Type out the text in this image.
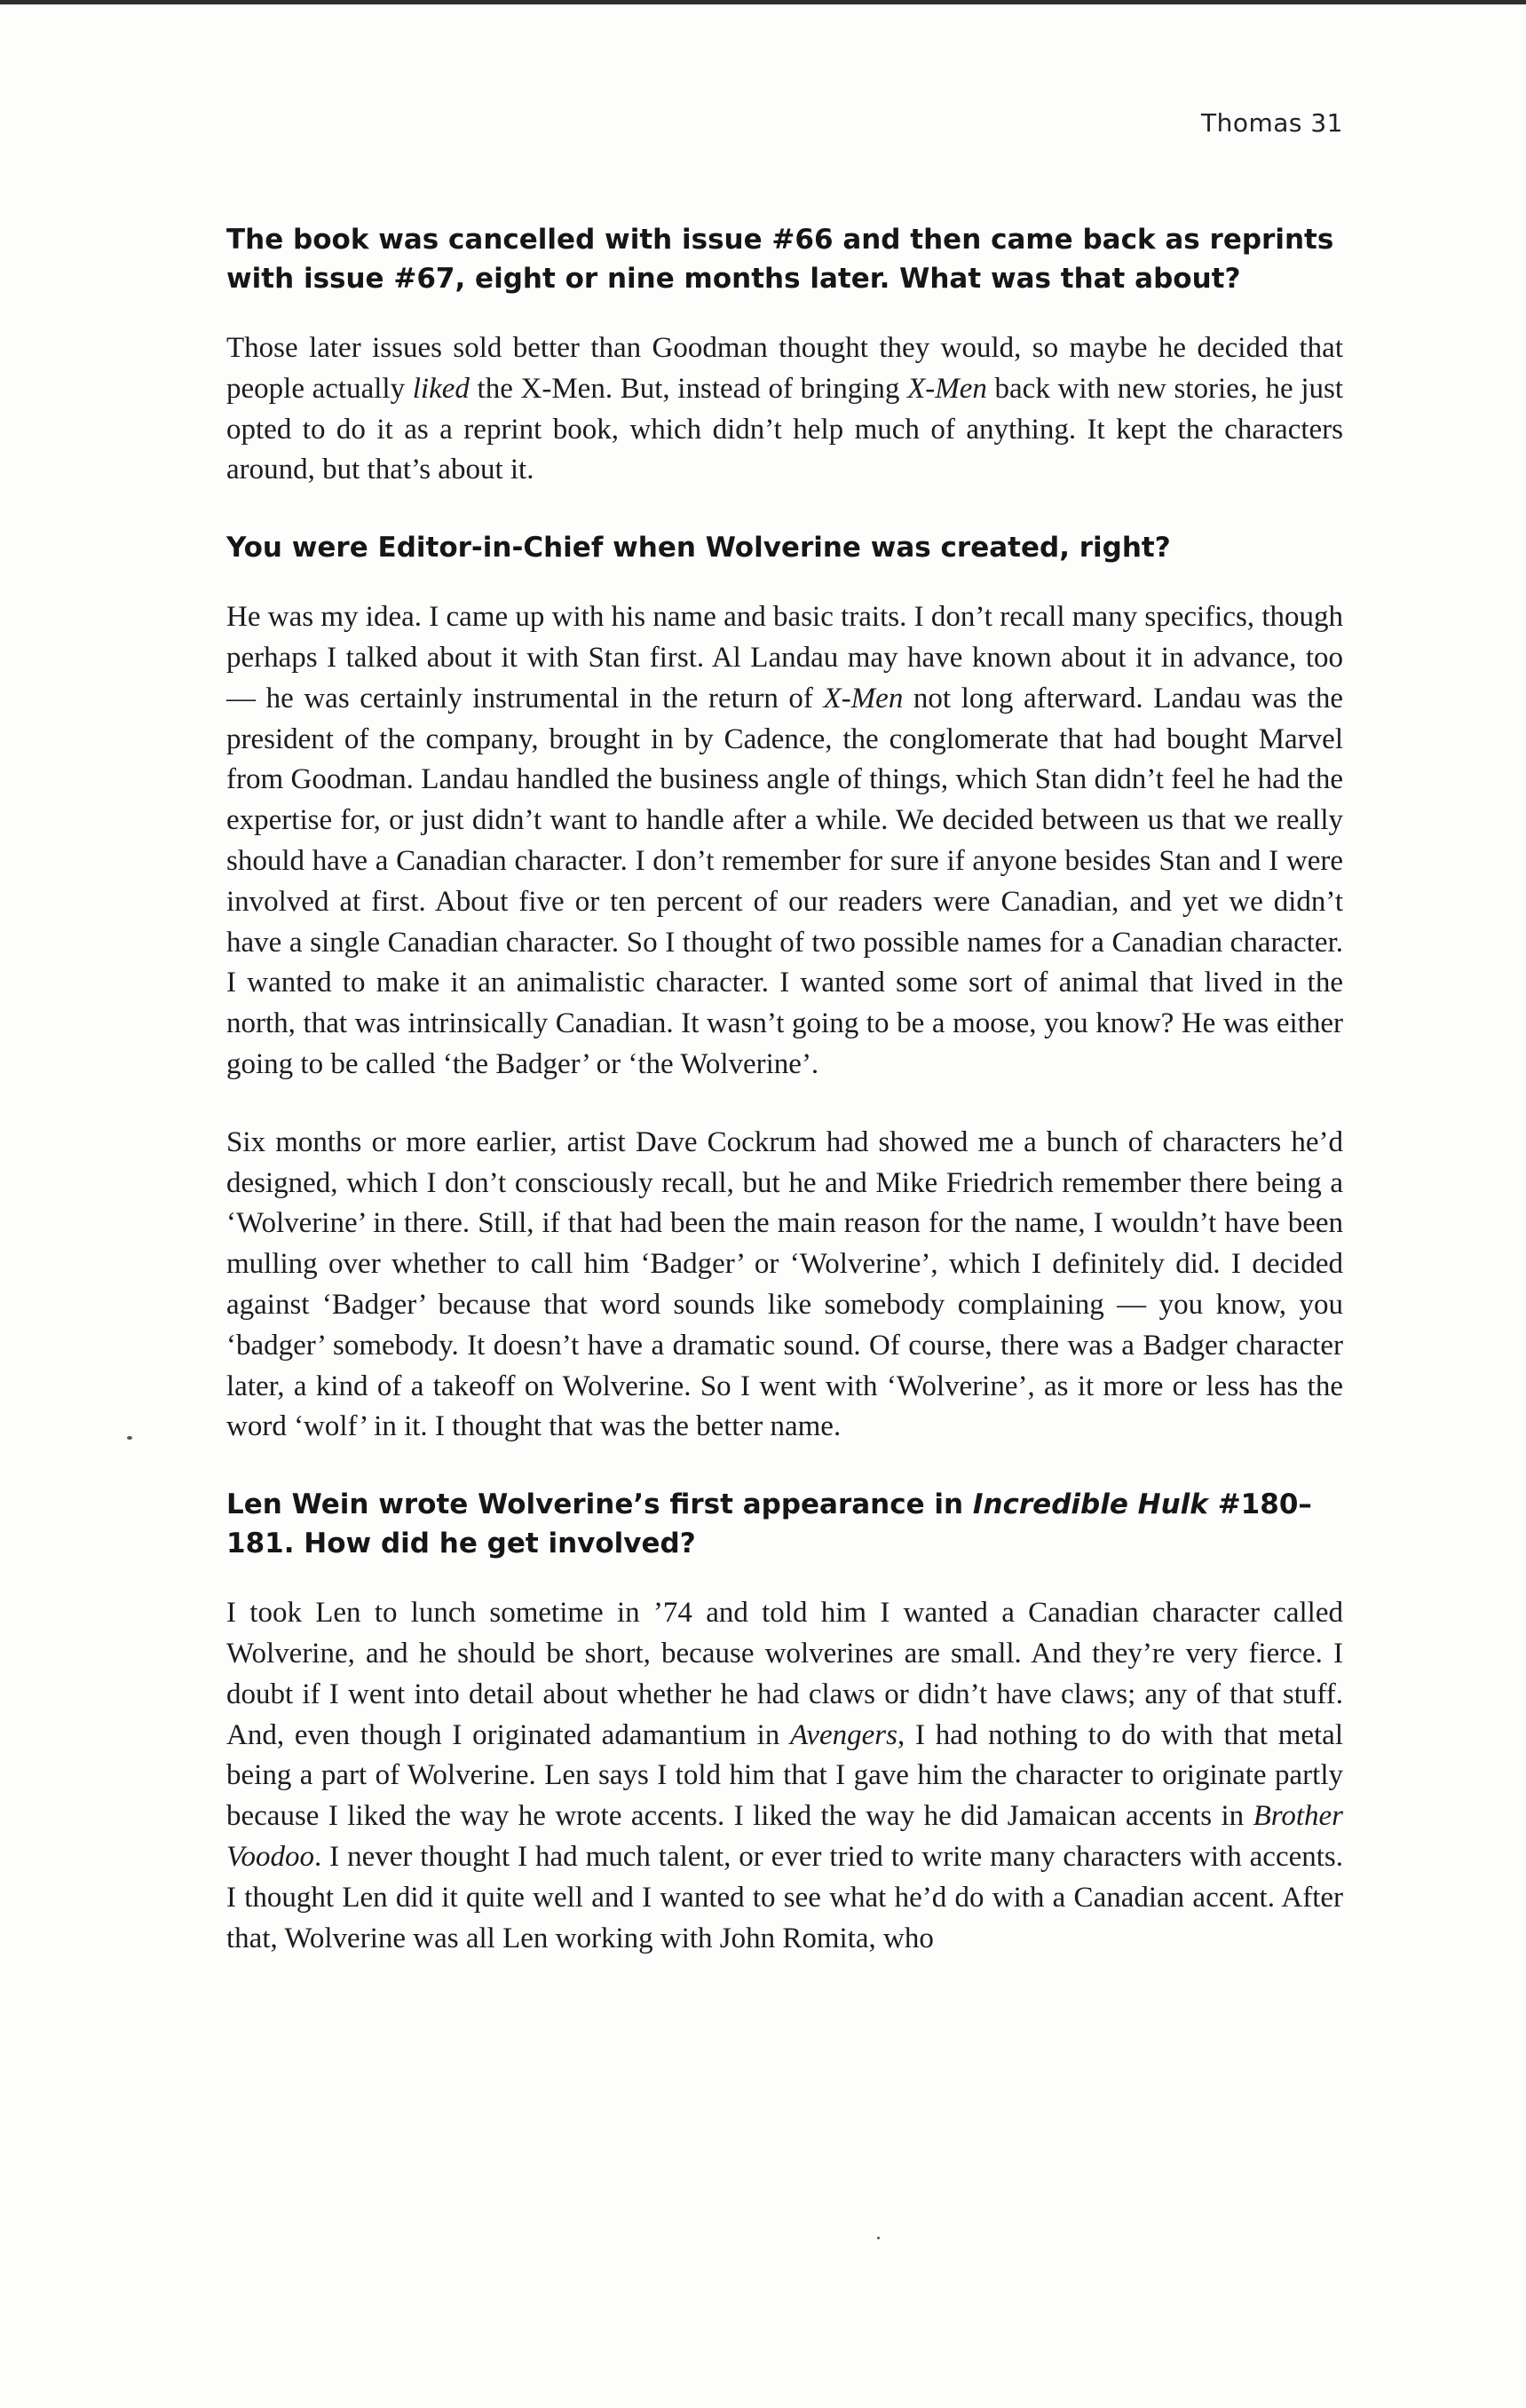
Thomas 31

The book was cancelled with issue #66 and then came back as reprints with issue #67, eight or nine months later. What was that about?

Those later issues sold better than Goodman thought they would, so maybe he decided that people actually liked the X-Men. But, instead of bringing X-Men back with new stories, he just opted to do it as a reprint book, which didn’t help much of anything. It kept the characters around, but that’s about it.

You were Editor-in-Chief when Wolverine was created, right?

He was my idea. I came up with his name and basic traits. I don’t recall many specifics, though perhaps I talked about it with Stan first. Al Landau may have known about it in advance, too — he was certainly instrumental in the return of X-Men not long afterward. Landau was the president of the company, brought in by Cadence, the conglomerate that had bought Marvel from Goodman. Landau handled the business angle of things, which Stan didn’t feel he had the expertise for, or just didn’t want to handle after a while. We decided between us that we really should have a Canadian character. I don’t remember for sure if anyone besides Stan and I were involved at first. About five or ten percent of our readers were Canadian, and yet we didn’t have a single Canadian character. So I thought of two possible names for a Canadian character. I wanted to make it an animalistic character. I wanted some sort of animal that lived in the north, that was intrinsically Canadian. It wasn’t going to be a moose, you know? He was either going to be called ‘the Badger’ or ‘the Wolverine’.

Six months or more earlier, artist Dave Cockrum had showed me a bunch of characters he’d designed, which I don’t consciously recall, but he and Mike Friedrich remember there being a ‘Wolverine’ in there. Still, if that had been the main reason for the name, I wouldn’t have been mulling over whether to call him ‘Badger’ or ‘Wolverine’, which I definitely did. I decided against ‘Badger’ because that word sounds like somebody complaining — you know, you ‘badger’ somebody. It doesn’t have a dramatic sound. Of course, there was a Badger character later, a kind of a takeoff on Wolverine. So I went with ‘Wolverine’, as it more or less has the word ‘wolf’ in it. I thought that was the better name.

Len Wein wrote Wolverine’s first appearance in Incredible Hulk #180–181. How did he get involved?

I took Len to lunch sometime in ’74 and told him I wanted a Canadian character called Wolverine, and he should be short, because wolverines are small. And they’re very fierce. I doubt if I went into detail about whether he had claws or didn’t have claws; any of that stuff. And, even though I originated adamantium in Avengers, I had nothing to do with that metal being a part of Wolverine. Len says I told him that I gave him the character to originate partly because I liked the way he wrote accents. I liked the way he did Jamaican accents in Brother Voodoo. I never thought I had much talent, or ever tried to write many characters with accents. I thought Len did it quite well and I wanted to see what he’d do with a Canadian accent. After that, Wolverine was all Len working with John Romita, who
